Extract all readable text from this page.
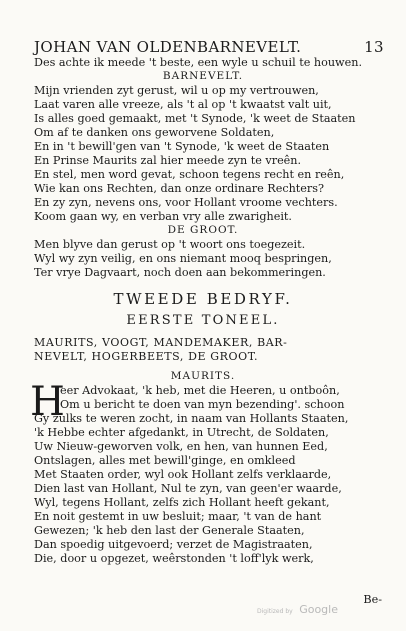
JOHAN VAN OLDENBARNEVELT.	13
Des achte ik meede 't beste, een wyle u schuil te houwen.
BARNEVELT.
Mijn vrienden zyt gerust, wil u op my vertrouwen,
Laat varen alle vreeze, als 't al op 't kwaatst valt uit,
Is alles goed gemaakt, met 't Synode, 'k weet de Staaten
Om af te danken ons geworvene Soldaten,
En in 't bewill'gen van 't Synode, 'k weet de Staaten
En Prinse Maurits zal hier meede zyn te vreên.
En stel, men word gevat, schoon tegens recht en reên,
Wie kan ons Rechten, dan onze ordinare Rechters?
En zy zyn, nevens ons, voor Hollant vroome vechters.
Koom gaan wy, en verban vry alle zwarigheit.
DE GROOT.
Men blyve dan gerust op 't woort ons toegezeit.
Wyl wy zyn veilig, en ons niemant mooq bespringen,
Ter vrye Dagvaart, noch doen aan bekommeringen.
TWEEDE BEDRYF.
EERSTE TONEEL.
MAURITS, VOOGT, MANDEMAKER, BAR-
NEVELT, HOGERBEETS, DE GROOT.
MAURITS.
H
eer Advokaat, 'k heb, met die Heeren, u ontboôn,
Om u bericht te doen van myn bezending'. schoon
Gy zulks te weren zocht, in naam van Hollants Staaten,
'k Hebbe echter afgedankt, in Utrecht, de Soldaten,
Uw Nieuw-geworven volk, en hen, van hunnen Eed,
Ontslagen, alles met bewill'ginge, en omkleed
Met Staaten order, wyl ook Hollant zelfs verklaarde,
Dien last van Hollant, Nul te zyn, van geen'er waarde,
Wyl, tegens Hollant, zelfs zich Hollant heeft gekant,
En noit gestemt in uw besluit; maar, 't van de hant
Gewezen; 'k heb den last der Generale Staaten,
Dan spoedig uitgevoerd; verzet de Magistraaten,
Die, door u opgezet, weêrstonden 't loff'lyk werk,
Be-
Digitized by Google
